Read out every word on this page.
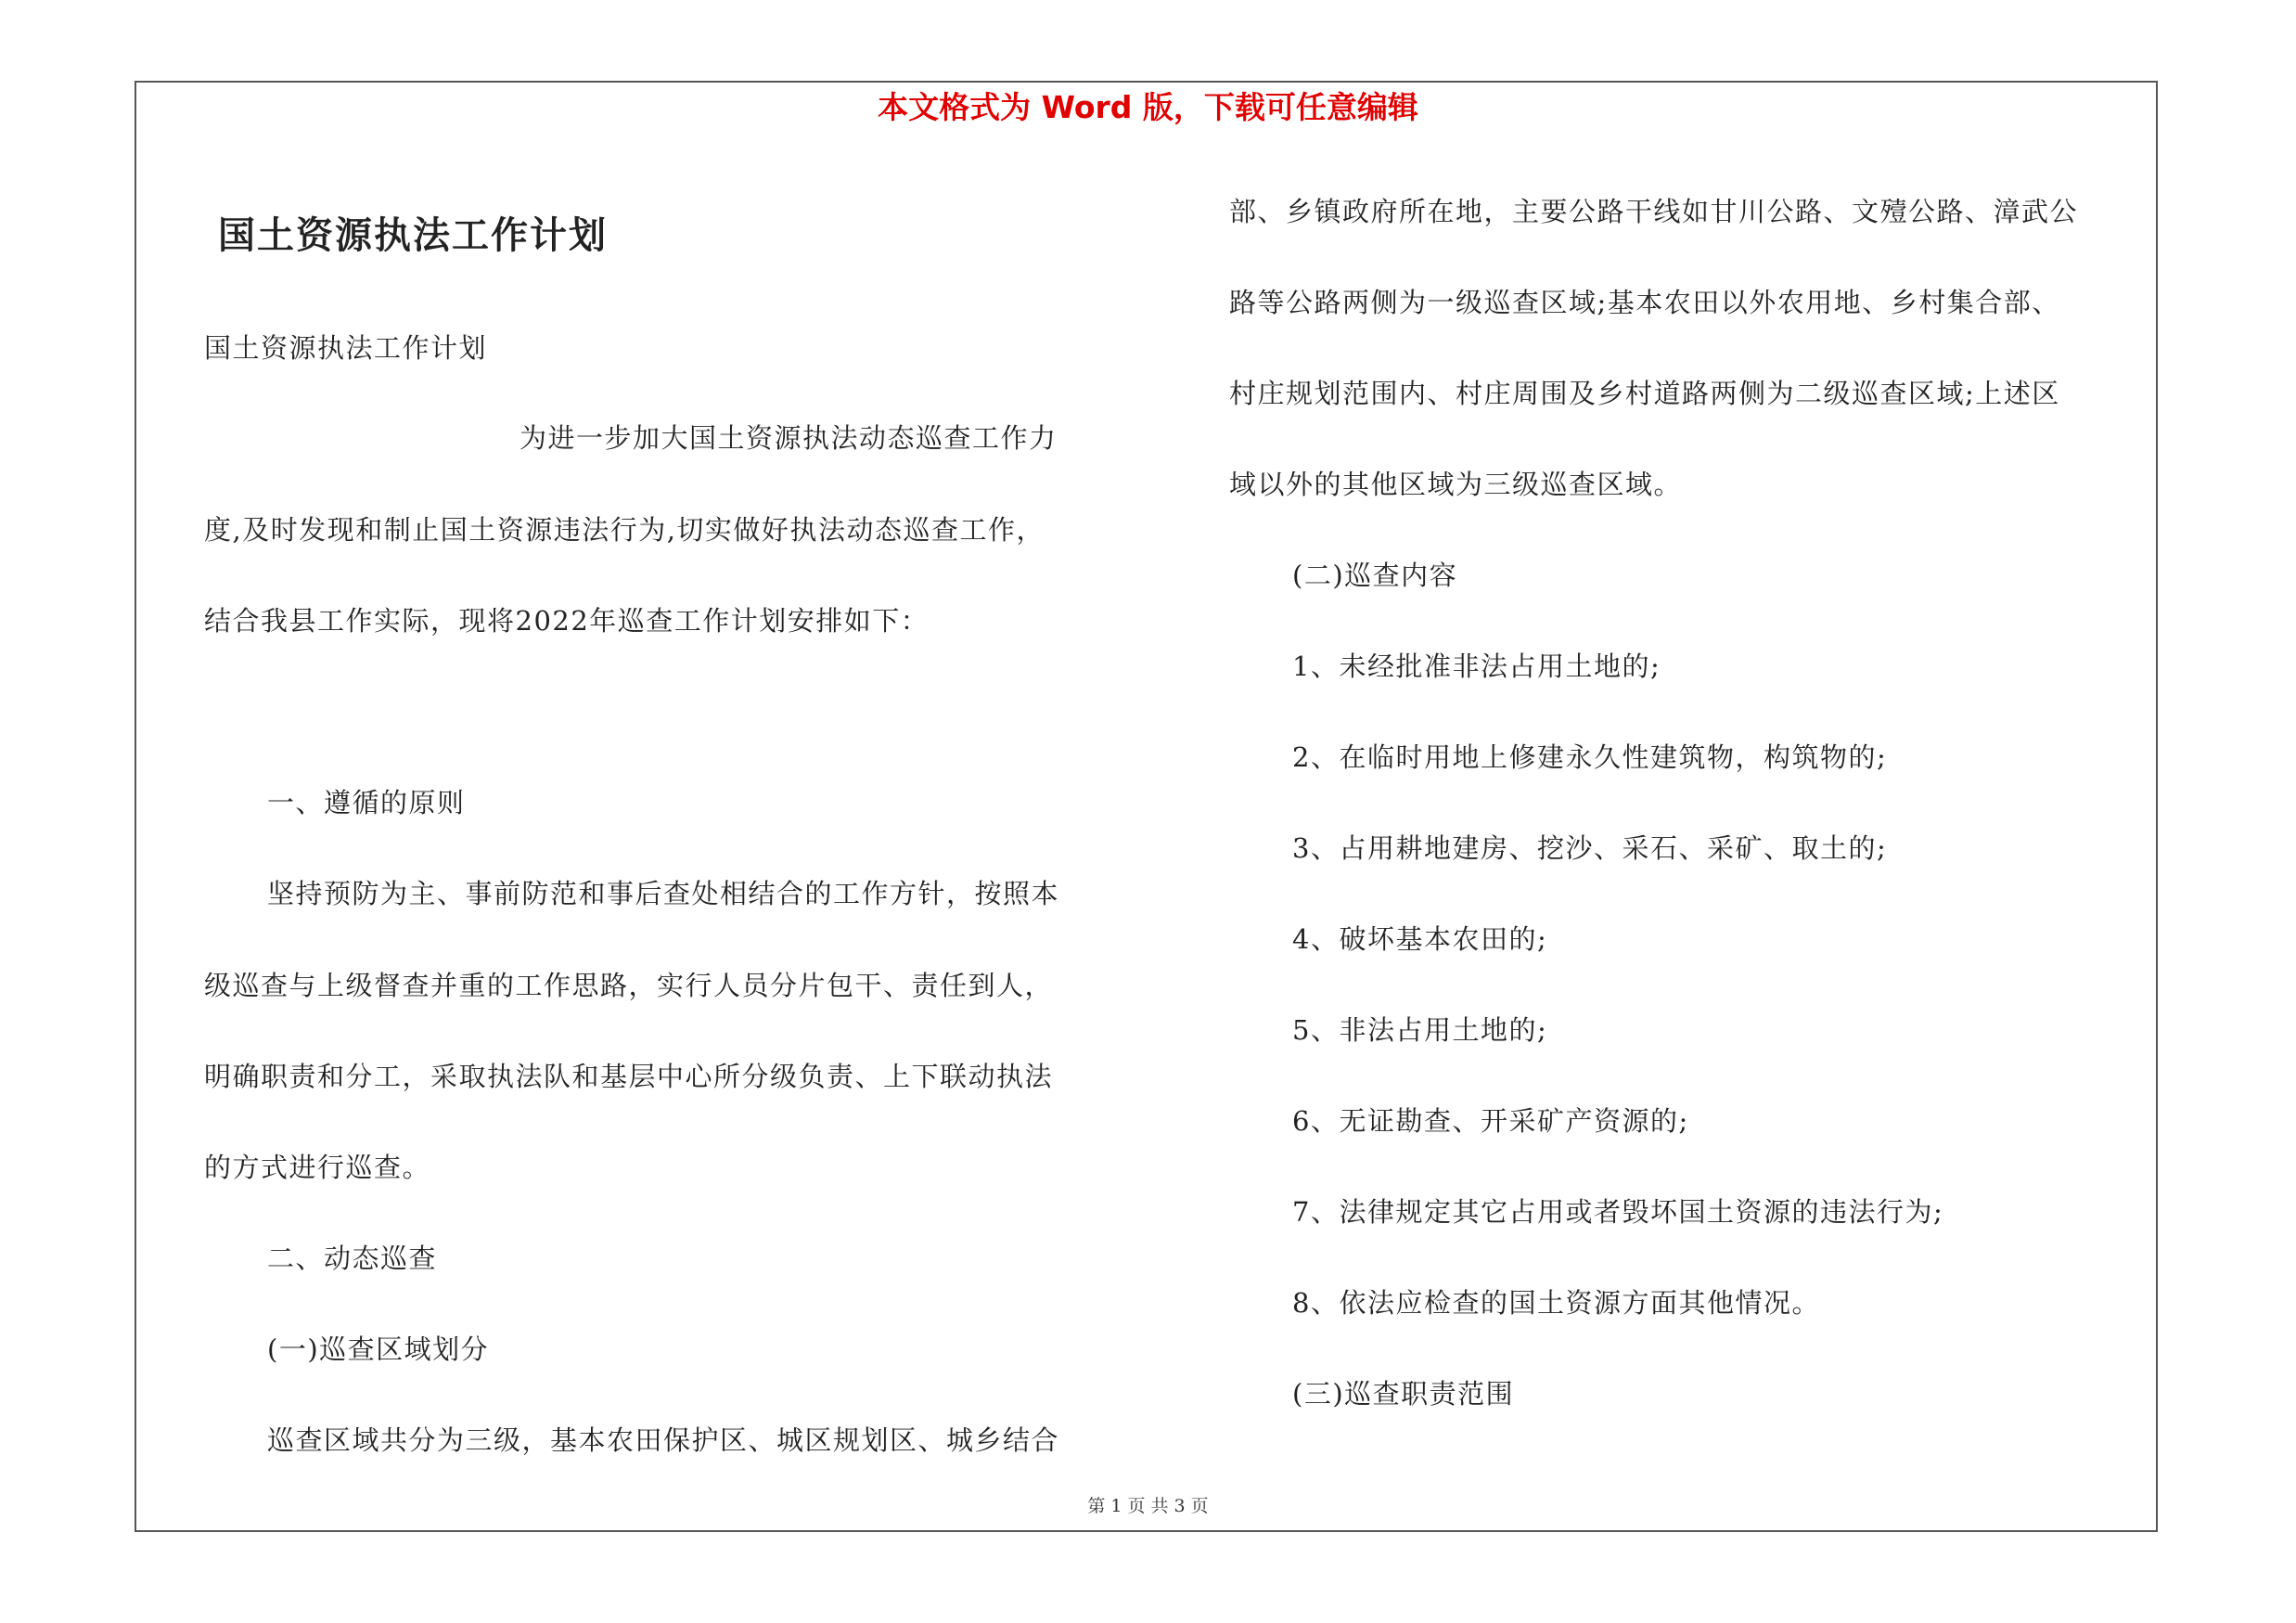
本文格式为 Word 版，下载可任意编辑
国土资源执法工作计划
国土资源执法工作计划
为进一步加大国土资源执法动态巡查工作力
度,及时发现和制止国土资源违法行为,切实做好执法动态巡查工作，
结合我县工作实际，现将2022年巡查工作计划安排如下：
一、遵循的原则
坚持预防为主、事前防范和事后查处相结合的工作方针，按照本
级巡查与上级督查并重的工作思路，实行人员分片包干、责任到人，
明确职责和分工，采取执法队和基层中心所分级负责、上下联动执法
的方式进行巡查。
二、动态巡查
(一)巡查区域划分
巡查区域共分为三级，基本农田保护区、城区规划区、城乡结合
部、乡镇政府所在地，主要公路干线如甘川公路、文殪公路、漳武公
路等公路两侧为一级巡查区域;基本农田以外农用地、乡村集合部、
村庄规划范围内、村庄周围及乡村道路两侧为二级巡查区域;上述区
域以外的其他区域为三级巡查区域。
(二)巡查内容
1、未经批准非法占用土地的;
2、在临时用地上修建永久性建筑物，构筑物的;
3、占用耕地建房、挖沙、采石、采矿、取土的;
4、破坏基本农田的;
5、非法占用土地的;
6、无证勘查、开采矿产资源的;
7、法律规定其它占用或者毁坏国土资源的违法行为;
8、依法应检查的国土资源方面其他情况。
(三)巡查职责范围
第 1 页 共 3 页
